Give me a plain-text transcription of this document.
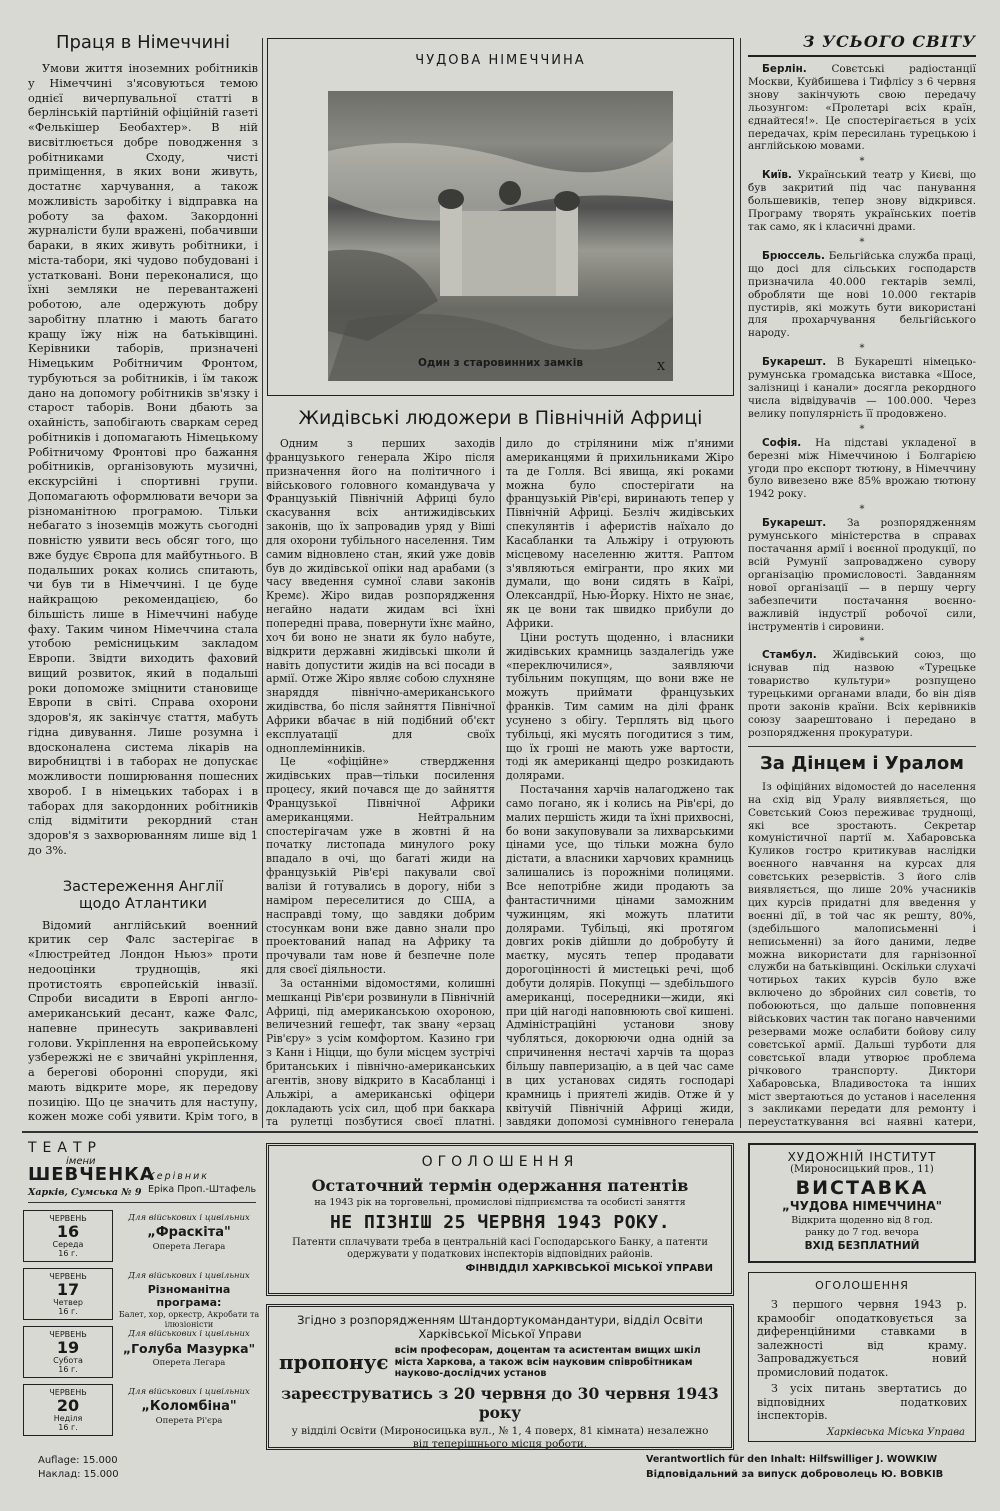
Праця в Німеччині

Умови життя іноземних робітників у Німеччині з'ясовуються темою однієї вичерпувальної статті в берлінській партійній офіційній газеті «Фелькішер Беобахтер». В ній висвітлюється добре поводження з робітниками Сходу, чисті приміщення, в яких вони живуть, достатнє харчування, а також можливість заробітку і відправка на роботу за фахом. Закордонні журналісти були вражені, побачивши бараки, в яких живуть робітники, і міста-табори, які чудово побудовані і устатковані. Вони переконалися, що їхні земляки не перевантажені роботою, але одержують добру заробітну платню і мають багато кращу їжу ніж на батьківщині. Керівники таборів, призначені Німецьким Робітничим Фронтом, турбуються за робітників, і їм також дано на допомогу робітників зв'язку і старост таборів. Вони дбають за охайність, запобігають сваркам серед робітників і допомагають Німецькому Робітничому Фронтові про бажання робітників, організовують музичні, екскурсійні і спортивні групи. Допомагають оформлювати вечори за різноманітною програмою. Тільки небагато з іноземців можуть сьогодні повністю уявити весь обсяг того, що вже будує Європа для майбутнього. В подальших роках колись спитають, чи був ти в Німеччині. І це буде найкращою рекомендацією, бо більшість лише в Німеччині набуде фаху. Таким чином Німеччина стала утобою ремісницьким закладом Европи. Звідти виходить фаховий вищий розвиток, який в подальші роки допоможе зміцнити становище Европи в світі. Справа охорони здоров'я, як закінчує стаття, мабуть гідна дивування. Лише розумна і вдосконалена система лікарів на виробництві і в таборах не допускає можливости поширювання пошесних хвороб. І в німецьких таборах і в таборах для закордонних робітників слід відмітити рекордний стан здоров'я з захворюванням лише від 1 до 3%.

Застереження Англії
щодо Атлантики

Відомий англійський военний критик сер Фалс застерігає в «Ілюстрейтед Лондон Ньюз» проти недооцінки труднощів, які протистоять європейській інвазії. Спроби висадити в Европі англо-американський десант, каже Фалс, напевне принесуть закривавлені голови. Укріплення на европейському узбережжі не є звичайні укріплення, а берегові оборонні споруди, які мають відкрите море, як передову позицію. Що це значить для наступу, кожен може собі уявити. Крім того, в

ЧУДОВА НІМЕЧЧИНА
Х
Один з старовинних замків
Жидівські людожери в Північній Африці

Одним з перших заходів французького генерала Жіро після призначення його на політичного і військового головного командувача у Французькій Північній Африці було скасування всіх антижидівських законів, що їх запровадив уряд у Віші для охорони тубільного населення. Тим самим відновлено стан, який уже довів був до жидівської опіки над арабами (з часу введення сумної слави законів Кремє). Жіро видав розпорядження негайно надати жидам всі їхні попередні права, повернути їхнє майно, хоч би воно не знати як було набуте, відкрити державні жидівські школи й навіть допустити жидів на всі посади в армії. Отже Жіро являє собою слухняне знаряддя північно-американського жидівства, бо після зайняття Північної Африки вбачає в ній подібний об'єкт експлуатації для своїх одноплемінників.

Це «офіційне» ствердження жидівських прав—тільки посилення процесу, який почався ще до зайняття Французької Північної Африки американцями. Нейтральним спостерігачам уже в жовтні й на початку листопада минулого року впадало в очі, що багаті жиди на французькій Рів'єрі пакували свої валізи й готувались в дорогу, ніби з наміром переселитися до США, а насправді тому, що завдяки добрим стосункам вони вже давно знали про проектований напад на Африку та прочували там нове й безпечне поле для своєї діяльности.

За останніми відомостями, колишні мешканці Рів'єри розвинули в Північній Африці, під американською охороною, величезний гешефт, так звану «ерзац Рів'єру» з усім комфортом. Казино гри з Канн і Ніцци, що були місцем зустрічі британських і північно-американських агентів, знову відкрито в Касабланці і Альжірі, а американські офіцери докладають усіх сил, щоб при баккара та рулетці позбутися своєї платні.

дило до стрілянини між п'яними американцями й прихильниками Жіро та де Голля. Всі явища, які роками можна було спостерігати на французькій Рів'єрі, виринають тепер у Північній Африці. Безліч жидівських спекулянтів і аферистів наїхало до Касабланки та Альжіру і отруюють місцевому населенню життя. Раптом з'являються емігранти, про яких ми думали, що вони сидять в Каїрі, Олександрії, Нью-Йорку. Ніхто не знає, як це вони так швидко прибули до Африки.

Ціни ростуть щоденно, і власники жидівських крамниць заздалегідь уже «переключилися», заявляючи тубільним покупцям, що вони вже не можуть приймати французьких франків. Тим самим на ділі франк усунено з обігу. Терплять від цього тубільці, які мусять погодитися з тим, що їх гроші не мають уже вартости, тоді як американці щедро розкидають долярами.

Постачання харчів налагоджено так само погано, як і колись на Рів'єрі, до малих першість жиди та їхні прихвосні, бо вони закуповували за лихварськими цінами усе, що тільки можна було дістати, а власники харчових крамниць залишались із порожніми полицями. Все непотрібне жиди продають за фантастичними цінами заможним чужинцям, які можуть платити долярами. Тубільці, які протягом довгих років дійшли до добробуту й маєтку, мусять тепер продавати дорогоцінності й мистецькі речі, щоб добути долярів. Покупці — здебільшого американці, посередники—жиди, які при цій нагоді наповнюють свої кишені. Адміністраційні установи знову чубляться, докорюючи одна одній за спричинення нестачі харчів та щораз більшу павперизацію, а в цей час саме в цих установах сидять господарі крамниць і приятелі жидів. Отже й у квітучій Північній Африці жиди, завдяки допомозі сумнівного генерала

З УСЬОГО СВІТУ

Берлін. Совєтські радіостанції Москви, Куйбишева і Тифлісу з 6 червня знову закінчують свою передачу льозунгом: «Пролетарі всіх країн, єднайтеся!». Це спостерігається в усіх передачах, крім пересилань турецькою і англійською мовами.

*

Київ. Український театр у Києві, що був закритий під час панування большевиків, тепер знову відкрився. Програму творять українських поетів так само, як і класичні драми.

*

Брюссель. Бельгійська служба праці, що досі для сільських господарств призначила 40.000 гектарів землі, обробляти ще нові 10.000 гектарів пустирів, які можуть бути використані для прохарчування бельгійського народу.

*

Букарешт. В Букарешті німецько-румунська громадська виставка «Шосе, залізниці і канали» досягла рекордного числа відвідувачів — 100.000. Через велику популярність її продовжено.

*

Софія. На підставі укладеної в березні між Німеччиною і Болгарією угоди про експорт тютюну, в Німеччину було вивезено вже 85% врожаю тютюну 1942 року.

*

Букарешт. За розпорядженням румунського міністерства в справах постачання армії і воєнної продукції, по всій Румунії запроваджено сувору організацію промисловості. Завданням нової організації — в першу чергу забезпечити постачання воєнно-важливій індустрії робочої сили, інструментів і сировини.

*

Стамбул. Жидівський союз, що існував під назвою «Турецьке товариство культури» розпущено турецькими органами влади, бо він діяв проти законів країни. Всіх керівників союзу заарештовано і передано в розпорядження прокуратури.

За Дінцем і Уралом

Із офіційних відомостей до населення на схід від Уралу виявляється, що Совєтський Союз переживає труднощі, які все зростають. Секретар комуністичної партії м. Хабаровська Куликов гостро критикував наслідки воєнного навчання на курсах для совєтських резервістів. З його слів виявляється, що лише 20% учасників цих курсів придатні для введення у воєнні дії, в той час як решту, 80%, (здебільшого малописьменні і неписьменні) за його даними, ледве можна використати для гарнізонної служби на батьківщині. Оскільки слухачі чотирьох таких курсів було вже включено до збройних сил совєтів, то побоюються, що дальше поповнення військових частин так погано навченими резервами може ослабити бойову силу совєтської армії. Дальші турботи для совєтської влади утворює проблема річкового транспорту. Диктори Хабаровська, Владивостока та інших міст звертаються до установ і населення з закликами передати для ремонту і переустаткування всі наявні катери,

ТЕАТР
імени
ШЕВЧЕНКА
Харків, Сумська № 9
Керівник
Еріка Проп.-Штафель
ЧЕРВЕНЬ
16
Середа
16 г.
Для військових і цивільних
„Фраскіта"
Оперета Легара
ЧЕРВЕНЬ
17
Четвер
16 г.
Для військових і цивільних
Різноманітна програма:
Балет, хор, оркестр, Акробати та ілюзіоністи
ЧЕРВЕНЬ
19
Субота
16 г.
Для військових і цивільних
„Голуба Мазурка"
Оперета Легара
ЧЕРВЕНЬ
20
Неділя
16 г.
Для військових і цивільних
„Коломбіна"
Оперета Рі'єра
ОГОЛОШЕННЯ
Остаточний термін одержання патентів
на 1943 рік на торговельні, промислові підприємства та особисті заняття
НЕ ПІЗНІШ 25 ЧЕРВНЯ 1943 РОКУ.
Патенти сплачувати треба в центральній касі Господарського Банку, а патенти одержувати у податкових інспекторів відповідних районів.
ФІНВІДДІЛ ХАРКІВСЬКОЇ МІСЬКОЇ УПРАВИ
Згідно з розпорядженням Штандортукомандантури, відділ Освіти Харківської Міської Управи
пропонує всім професорам, доцентам та асистентам вищих шкіл міста Харкова, а також всім науковим співробітникам науково-дослідчих установ
зареєструватись з 20 червня до 30 червня 1943 року
у відділі Освіти (Мироносицька вул., № 1, 4 поверх, 81 кімната) незалежно від теперішнього місця роботи.
ХУДОЖНІЙ ІНСТИТУТ
(Мироносицький пров., 11)
ВИСТАВКА
„ЧУДОВА НІМЕЧЧИНА"
Відкрита щоденно від 8 год. ранку до 7 год. вечора
ВХІД БЕЗПЛАТНИЙ
ОГОЛОШЕННЯ
З першого червня 1943 р. крамообіг оподатковується за диференційними ставками в залежності від краму. Запроваджується новий промисловий податок.
З усіх питань звертатись до відповідних податкових інспекторів.
Харківська Міська Управа
Auflage: 15.000
Наклад: 15.000
Verantwortlich für den Inhalt: Hilfswilliger J. WOWKIW
Відповідальний за випуск доброволець Ю. ВОВКІВ
